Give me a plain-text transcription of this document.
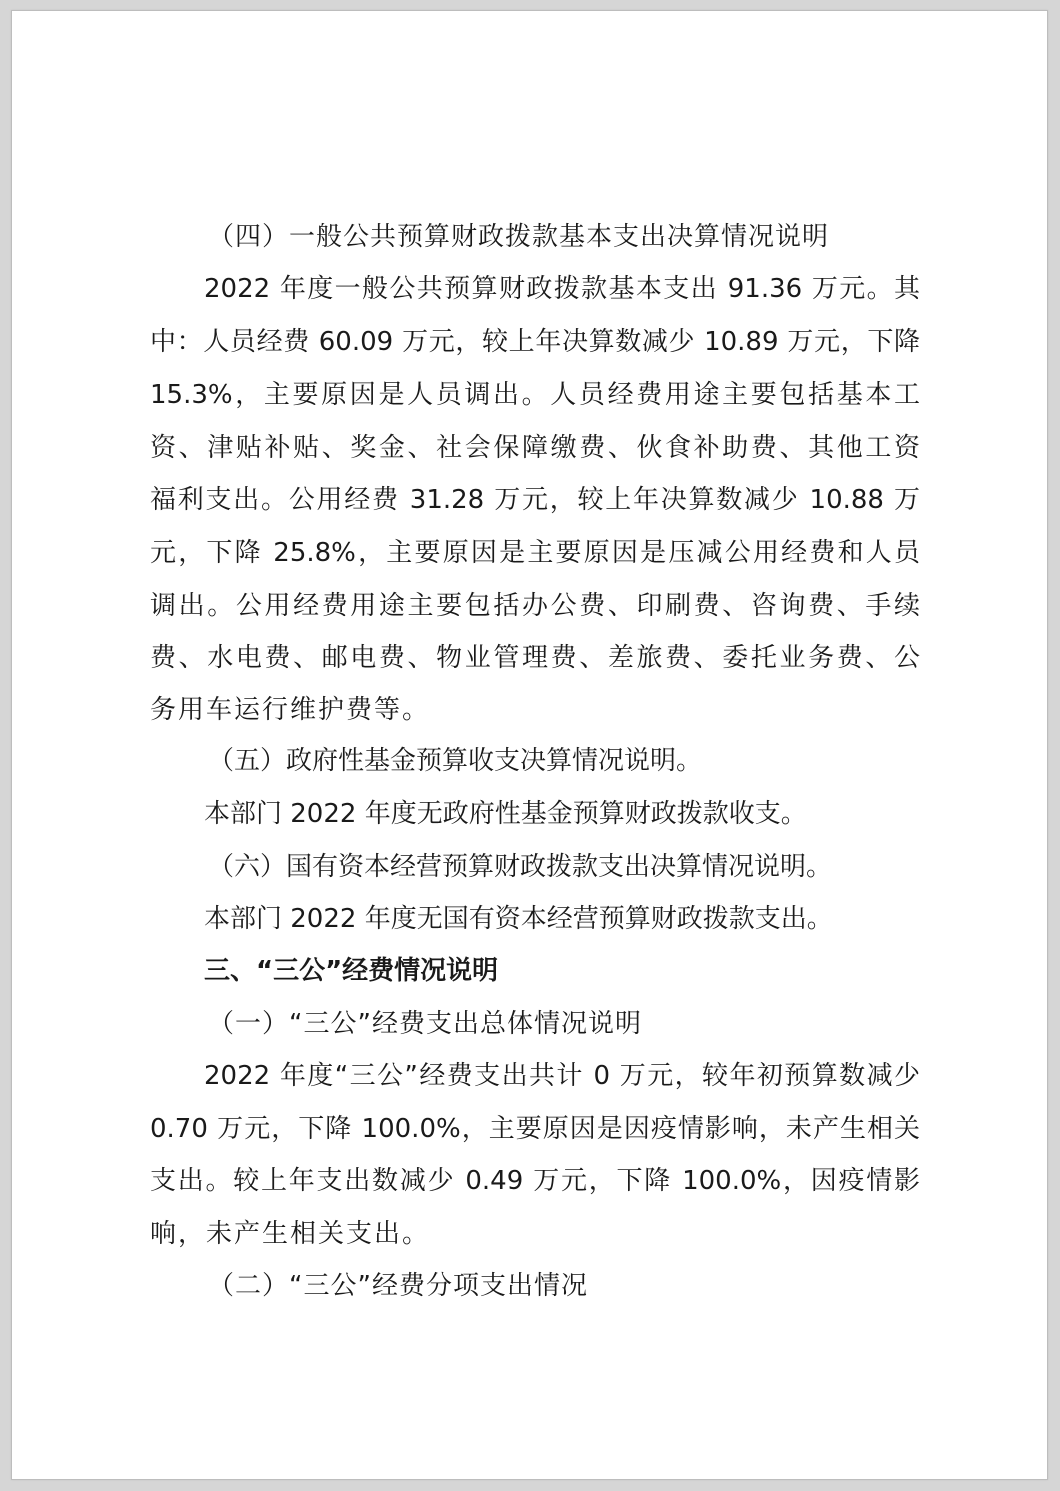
（四）一般公共预算财政拨款基本支出决算情况说明
2022 年度一般公共预算财政拨款基本支出 91.36 万元。其
中：人员经费 60.09 万元，较上年决算数减少 10.89 万元，下降
15.3%，主要原因是人员调出。人员经费用途主要包括基本工
资、津贴补贴、奖金、社会保障缴费、伙食补助费、其他工资
福利支出。公用经费 31.28 万元，较上年决算数减少 10.88 万
元，下降 25.8%，主要原因是主要原因是压减公用经费和人员
调出。公用经费用途主要包括办公费、印刷费、咨询费、手续
费、水电费、邮电费、物业管理费、差旅费、委托业务费、公
务用车运行维护费等。
（五）政府性基金预算收支决算情况说明。
本部门 2022 年度无政府性基金预算财政拨款收支。
（六）国有资本经营预算财政拨款支出决算情况说明。
本部门 2022 年度无国有资本经营预算财政拨款支出。
三、“三公”经费情况说明
（一）“三公”经费支出总体情况说明
2022 年度“三公”经费支出共计 0 万元，较年初预算数减少
0.70 万元，下降 100.0%，主要原因是因疫情影响，未产生相关
支出。较上年支出数减少 0.49 万元，下降 100.0%，因疫情影
响，未产生相关支出。
（二）“三公”经费分项支出情况
